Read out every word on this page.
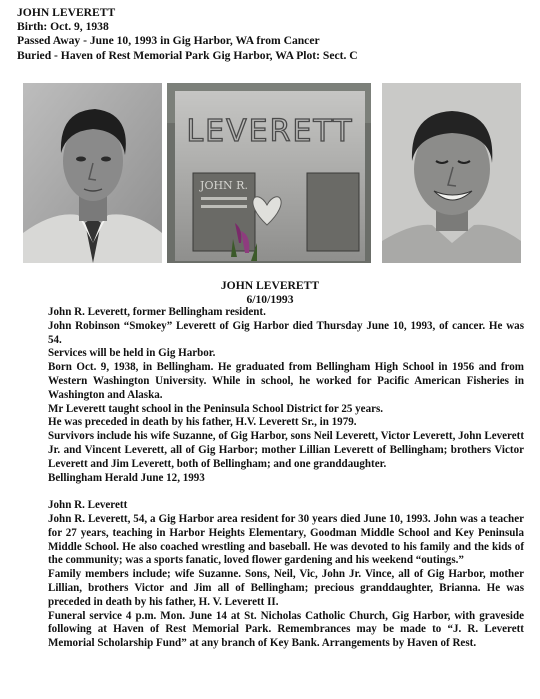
JOHN LEVERETT
Birth: Oct. 9, 1938
Passed Away - June 10, 1993 in Gig Harbor, WA from Cancer
Buried - Haven of Rest Memorial Park Gig Harbor, WA Plot: Sect. C
LEVERETT
JOHN R.
JOHN LEVERETT
6/10/1993

John R. Leverett, former Bellingham resident.

John Robinson “Smokey” Leverett of Gig Harbor died Thursday June 10, 1993, of cancer. He was 54.

Services will be held in Gig Harbor.

Born Oct. 9, 1938, in Bellingham. He graduated from Bellingham High School in 1956 and from Western Washington University. While in school, he worked for Pacific American Fisheries in Washington and Alaska.

Mr Leverett taught school in the Peninsula School District for 25 years.

He was preceded in death by his father, H.V. Leverett Sr., in 1979.

Survivors include his wife Suzanne, of Gig Harbor, sons Neil Leverett, Victor Leverett, John Leverett Jr. and Vincent Leverett, all of Gig Harbor; mother Lillian Leverett of Bellingham; brothers Victor Leverett and Jim Leverett, both of Bellingham; and one granddaughter.

Bellingham Herald June 12, 1993

John R. Leverett

John R. Leverett, 54, a Gig Harbor area resident for 30 years died June 10, 1993. John was a teacher for 27 years, teaching in Harbor Heights Elementary, Goodman Middle School and Key Peninsula Middle School. He also coached wrestling and baseball. He was devoted to his family and the kids of the community; was a sports fanatic, loved flower gardening and his weekend “outings.”

Family members include; wife Suzanne. Sons, Neil, Vic, John Jr. Vince, all of Gig Harbor, mother Lillian, brothers Victor and Jim all of Bellingham; precious granddaughter, Brianna. He was preceded in death by his father, H. V. Leverett II.

Funeral service 4 p.m. Mon. June 14 at St. Nicholas Catholic Church, Gig Harbor, with graveside following at Haven of Rest Memorial Park. Remembrances may be made to “J. R. Leverett Memorial Scholarship Fund” at any branch of Key Bank. Arrangements by Haven of Rest.
